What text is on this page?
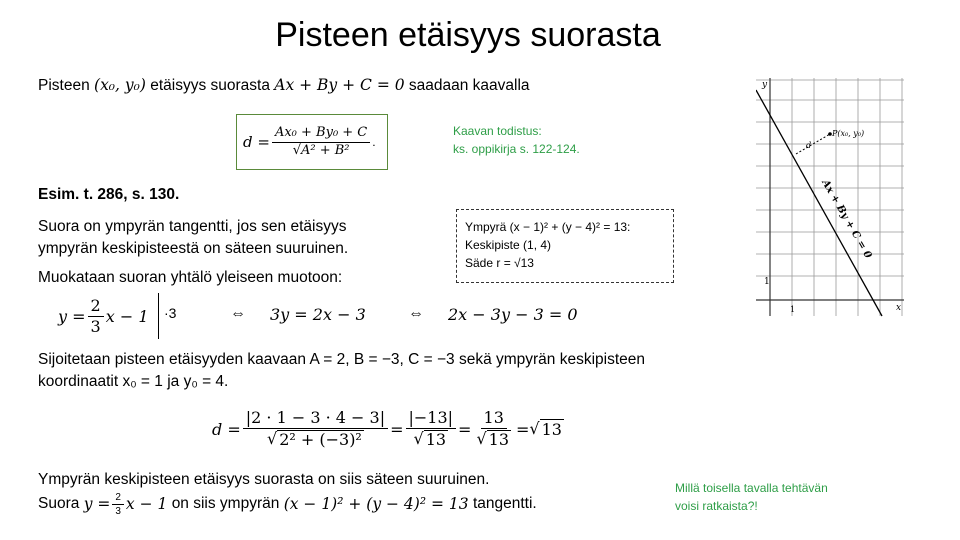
Pisteen etäisyys suorasta
Pisteen (x₀, y₀) etäisyys suorasta Ax + By + C = 0 saadaan kaavalla
$d = \frac{\text{Ax₀ + By₀ + C}}{\text{√A² + B²}}$ .
Kaavan todistus:
ks. oppikirja s. 122-124.
Esim. t. 286, s. 130.
Suora on ympyrän tangentti, jos sen etäisyys
ympyrän keskipisteestä on säteen suuruinen.
Ympyrä (x − 1)² + (y − 4)² = 13:
Keskipiste (1, 4)
Säde r = √13
Muokataan suoran yhtälö yleiseen muotoon:
$y = \frac{2}{3}$ x − 1 ·3	⇔ 3y = 2x − 3	⇔ 2x − 3y − 3 = 0
Sijoitetaan pisteen etäisyyden kaavaan A = 2, B = −3, C = −3 sekä ympyrän keskipisteen
koordinaatit x₀ = 1 ja y₀ = 4.
$d = \frac{|2 \cdot 1 - 3 \cdot 4 - 3|}{\text{√ 2² + (−3)²}} = \frac{|-13|}{√ 13} = \frac{13}{√ 13}$ = √ 13
Ympyrän keskipisteen etäisyys suorasta on siis säteen suuruinen.
Suora
$y = \frac{2}{3}$ x − 1
on siis ympyrän
(x − 1)² + (y − 4)² = 13
tangentti.
Millä toisella tavalla tehtävän
voisi ratkaista?!
y
x
1
1
P(x₀, y₀)
d
Ax + By + C = 0
